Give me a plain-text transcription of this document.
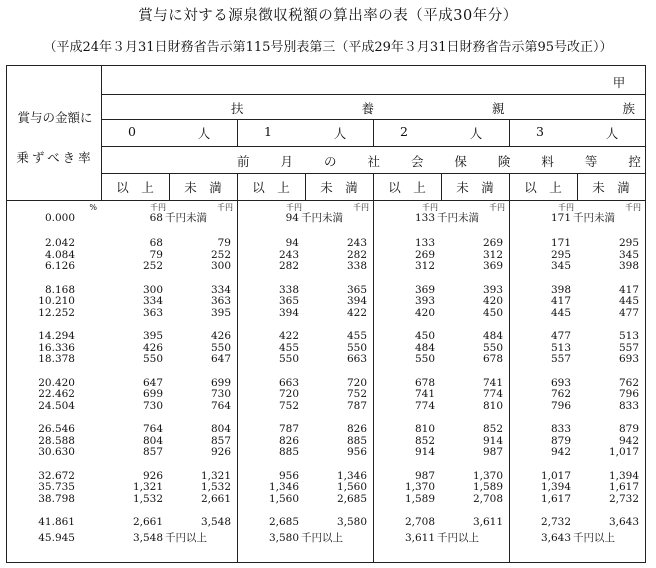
賞与に対する源泉徴収税額の算出率の表（平成30年分）
（平成24年３月31日財務省告示第115号別表第三（平成29年３月31日財務省告示第95号改正））
賞与の金額に
乗ずべき率
甲
扶	養	親	族
前 月 の 社 会 保 険 料 等 控
0	人	1	人	2	人	3	人
以　上	未　満	以　上	未　満	以　上	未　満	以　上	未　満
%	千円	千円	千円	千円	千円	千円	千円	千円
0.000	68 千円未満	94 千円未満	133 千円未満	171 千円未満
2.042	68	79	94	243	133	269	171	295
4.084	79	252	243	282	269	312	295	345
6.126	252	300	282	338	312	369	345	398
8.168	300	334	338	365	369	393	398	417
10.210	334	363	365	394	393	420	417	445
12.252	363	395	394	422	420	450	445	477
14.294	395	426	422	455	450	484	477	513
16.336	426	550	455	550	484	550	513	557
18.378	550	647	550	663	550	678	557	693
20.420	647	699	663	720	678	741	693	762
22.462	699	730	720	752	741	774	762	796
24.504	730	764	752	787	774	810	796	833
26.546	764	804	787	826	810	852	833	879
28.588	804	857	826	885	852	914	879	942
30.630	857	926	885	956	914	987	942	1,017
32.672	926	1,321	956	1,346	987	1,370	1,017	1,394
35.735	1,321	1,532	1,346	1,560	1,370	1,589	1,394	1,617
38.798	1,532	2,661	1,560	2,685	1,589	2,708	1,617	2,732
41.861	2,661	3,548	2,685	3,580	2,708	3,611	2,732	3,643
45.945	3,548 千円以上	3,580 千円以上	3,611 千円以上	3,643 千円以上
